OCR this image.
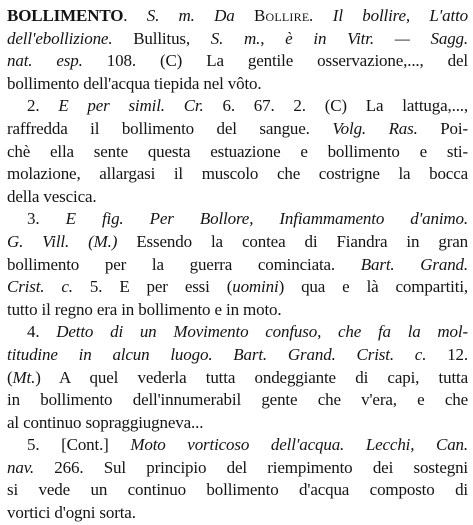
BOLLIMENTO. S. m. Da Bollire. Il bollire, L'atto
dell'ebollizione. Bullitus, S. m., è in Vitr. — Sagg.
nat. esp. 108. (C) La gentile osservazione,..., del
bollimento dell'acqua tiepida nel vôto.
2. E per simil. Cr. 6. 67. 2. (C) La lattuga,...,
raffredda il bollimento del sangue. Volg. Ras. Poi-
chè ella sente questa estuazione e bollimento e sti-
molazione, allargasi il muscolo che costrigne la bocca
della vescica.
3. E fig. Per Bollore, Infiammamento d'animo.
G. Vill. (M.) Essendo la contea di Fiandra in gran
bollimento per la guerra cominciata. Bart. Grand.
Crist. c. 5. E per essi (uomini) qua e là compartiti,
tutto il regno era in bollimento e in moto.
4. Detto di un Movimento confuso, che fa la mol-
titudine in alcun luogo. Bart. Grand. Crist. c. 12.
(Mt.) A quel vederla tutta ondeggiante di capi, tutta
in bollimento dell'innumerabil gente che v'era, e che
al continuo sopraggiugneva...
5. [Cont.] Moto vorticoso dell'acqua. Lecchi, Can.
nav. 266. Sul principio del riempimento dei sostegni
si vede un continuo bollimento d'acqua composto di
vortici d'ogni sorta.
